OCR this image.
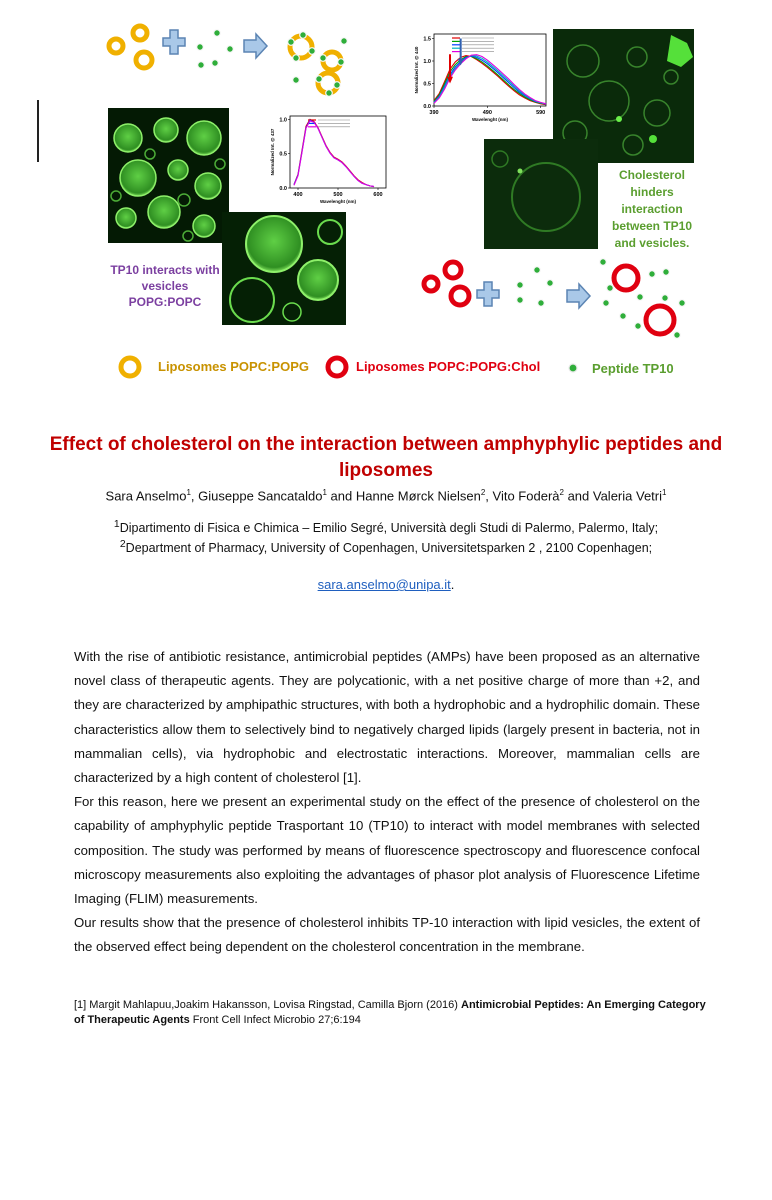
390	490	590
0.0
0.5
1.0
1.5
Wavelenght (nm)
Normalized Int. @ 440
400	500	600
0.0
0.5
1.0
Wavelenght (nm)
Normalized Int. @ 437
TP10 interacts with vesicles POPG:POPC
Cholesterol hinders interaction between TP10 and vesicles.
Liposomes POPC:POPG	Liposomes POPC:POPG:Chol	Peptide TP10
Effect of cholesterol on the interaction between amphyphylic peptides and liposomes
Sara Anselmo$^1$, Giuseppe Sancataldo$^1$ and Hanne Mørck Nielsen$^2$, Vito Foderà$^2$ and Valeria Vetri$^1$
$^1$Dipartimento di Fisica e Chimica – Emilio Segré, Università degli Studi di Palermo, Palermo, Italy;
$^2$Department of Pharmacy, University of Copenhagen, Universitetsparken 2 , 2100 Copenhagen;
sara.anselmo@unipa.it.

With the rise of antibiotic resistance, antimicrobial peptides (AMPs) have been proposed as an alternative novel class of therapeutic agents. They are polycationic, with a net positive charge of more than +2, and they are characterized by amphipathic structures, with both a hydrophobic and a hydrophilic domain. These characteristics allow them to selectively bind to negatively charged lipids (largely present in bacteria, not in mammalian cells), via hydrophobic and electrostatic interactions. Moreover, mammalian cells are characterized by a high content of cholesterol [1].

For this reason, here we present an experimental study on the effect of the presence of cholesterol on the capability of amphyphylic peptide Trasportant 10 (TP10) to interact with model membranes with selected composition. The study was performed by means of fluorescence spectroscopy and fluorescence confocal microscopy measurements also exploiting the advantages of phasor plot analysis of Fluorescence Lifetime Imaging (FLIM) measurements.

Our results show that the presence of cholesterol inhibits TP-10 interaction with lipid vesicles, the extent of the observed effect being dependent on the cholesterol concentration in the membrane.

[1] Margit Mahlapuu,Joakim Hakansson, Lovisa Ringstad, Camilla Bjorn (2016) Antimicrobial Peptides: An Emerging Category of Therapeutic Agents Front Cell Infect Microbio 27;6:194
